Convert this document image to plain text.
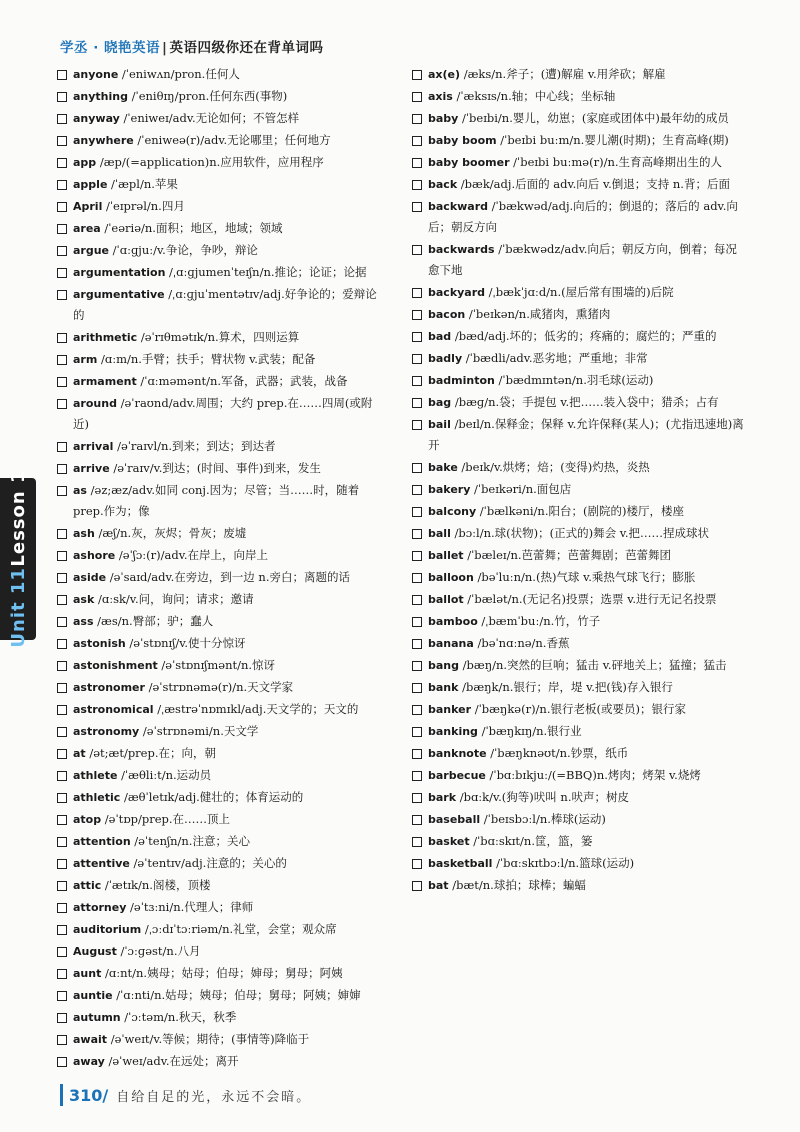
学丞 · 晓艳英语 | 英语四级你还在背单词吗
anyone /ˈeniwʌn/pron.任何人
anything /ˈeniθɪŋ/pron.任何东西(事物)
anyway /ˈeniweɪ/adv.无论如何；不管怎样
anywhere /ˈeniweə(r)/adv.无论哪里；任何地方
app /æp/(=application)n.应用软件，应用程序
apple /ˈæpl/n.苹果
April /ˈeɪprəl/n.四月
area /ˈeəriə/n.面积；地区，地域；领域
argue /ˈɑːɡjuː/v.争论，争吵，辩论
argumentation /ˌɑːɡjumenˈteɪʃn/n.推论；论证；论据
argumentative /ˌɑːɡjuˈmentətɪv/adj.好争论的；爱辩论的
arithmetic /əˈrɪθmətɪk/n.算术，四则运算
arm /ɑːm/n.手臂；扶手；臂状物 v.武装；配备
armament /ˈɑːməmənt/n.军备，武器；武装，战备
around /əˈraʊnd/adv.周围；大约 prep.在……四周(或附近)
arrival /əˈraɪvl/n.到来；到达；到达者
arrive /əˈraɪv/v.到达；(时间、事件)到来，发生
as /əz;æz/adv.如同 conj.因为；尽管；当……时，随着 prep.作为；像
ash /æʃ/n.灰，灰烬；骨灰；废墟
ashore /əˈʃɔː(r)/adv.在岸上，向岸上
aside /əˈsaɪd/adv.在旁边，到一边 n.旁白；离题的话
ask /ɑːsk/v.问，询问；请求；邀请
ass /æs/n.臀部；驴；蠢人
astonish /əˈstɒnɪʃ/v.使十分惊讶
astonishment /əˈstɒnɪʃmənt/n.惊讶
astronomer /əˈstrɒnəmə(r)/n.天文学家
astronomical /ˌæstrəˈnɒmɪkl/adj.天文学的；天文的
astronomy /əˈstrɒnəmi/n.天文学
at /ət;æt/prep.在；向，朝
athlete /ˈæθliːt/n.运动员
athletic /æθˈletɪk/adj.健壮的；体育运动的
atop /əˈtɒp/prep.在……顶上
attention /əˈtenʃn/n.注意；关心
attentive /əˈtentɪv/adj.注意的；关心的
attic /ˈætɪk/n.阁楼，顶楼
attorney /əˈtɜːni/n.代理人；律师
auditorium /ˌɔːdɪˈtɔːriəm/n.礼堂，会堂；观众席
August /ˈɔːɡəst/n.八月
aunt /ɑːnt/n.姨母；姑母；伯母；婶母；舅母；阿姨
auntie /ˈɑːnti/n.姑母；姨母；伯母；舅母；阿姨；婶婶
autumn /ˈɔːtəm/n.秋天，秋季
await /əˈweɪt/v.等候；期待；(事情等)降临于
away /əˈweɪ/adv.在远处；离开
ax(e) /æks/n.斧子；(遭)解雇 v.用斧砍；解雇
axis /ˈæksɪs/n.轴；中心线；坐标轴
baby /ˈbeɪbi/n.婴儿，幼崽；(家庭或团体中)最年幼的成员
baby boom /ˈbeɪbi buːm/n.婴儿潮(时期)；生育高峰(期)
baby boomer /ˈbeɪbi buːmə(r)/n.生育高峰期出生的人
back /bæk/adj.后面的 adv.向后 v.倒退；支持 n.背；后面
backward /ˈbækwəd/adj.向后的；倒退的；落后的 adv.向后；朝反方向
backwards /ˈbækwədz/adv.向后；朝反方向，倒着；每况愈下地
backyard /ˌbækˈjɑːd/n.(屋后常有围墙的)后院
bacon /ˈbeɪkən/n.咸猪肉，熏猪肉
bad /bæd/adj.坏的；低劣的；疼痛的；腐烂的；严重的
badly /ˈbædli/adv.恶劣地；严重地；非常
badminton /ˈbædmɪntən/n.羽毛球(运动)
bag /bæɡ/n.袋；手提包 v.把……装入袋中；猎杀；占有
bail /beɪl/n.保释金；保释 v.允许保释(某人)；(尤指迅速地)离开
bake /beɪk/v.烘烤；焙；(变得)灼热，炎热
bakery /ˈbeɪkəri/n.面包店
balcony /ˈbælkəni/n.阳台；(剧院的)楼厅，楼座
ball /bɔːl/n.球(状物)；(正式的)舞会 v.把……捏成球状
ballet /ˈbæleɪ/n.芭蕾舞；芭蕾舞剧；芭蕾舞团
balloon /bəˈluːn/n.(热)气球 v.乘热气球飞行；膨胀
ballot /ˈbælət/n.(无记名)投票；选票 v.进行无记名投票
bamboo /ˌbæmˈbuː/n.竹，竹子
banana /bəˈnɑːnə/n.香蕉
bang /bæŋ/n.突然的巨响；猛击 v.砰地关上；猛撞；猛击
bank /bæŋk/n.银行；岸，堤 v.把(钱)存入银行
banker /ˈbæŋkə(r)/n.银行老板(或要员)；银行家
banking /ˈbæŋkɪŋ/n.银行业
banknote /ˈbæŋknəʊt/n.钞票，纸币
barbecue /ˈbɑːbɪkjuː/(=BBQ)n.烤肉；烤架 v.烧烤
bark /bɑːk/v.(狗等)吠叫 n.吠声；树皮
baseball /ˈbeɪsbɔːl/n.棒球(运动)
basket /ˈbɑːskɪt/n.筐，篮，篓
basketball /ˈbɑːskɪtbɔːl/n.篮球(运动)
bat /bæt/n.球拍；球棒；蝙蝠
Unit 11Lesson 1
310/ 自给自足的光，永远不会暗。
